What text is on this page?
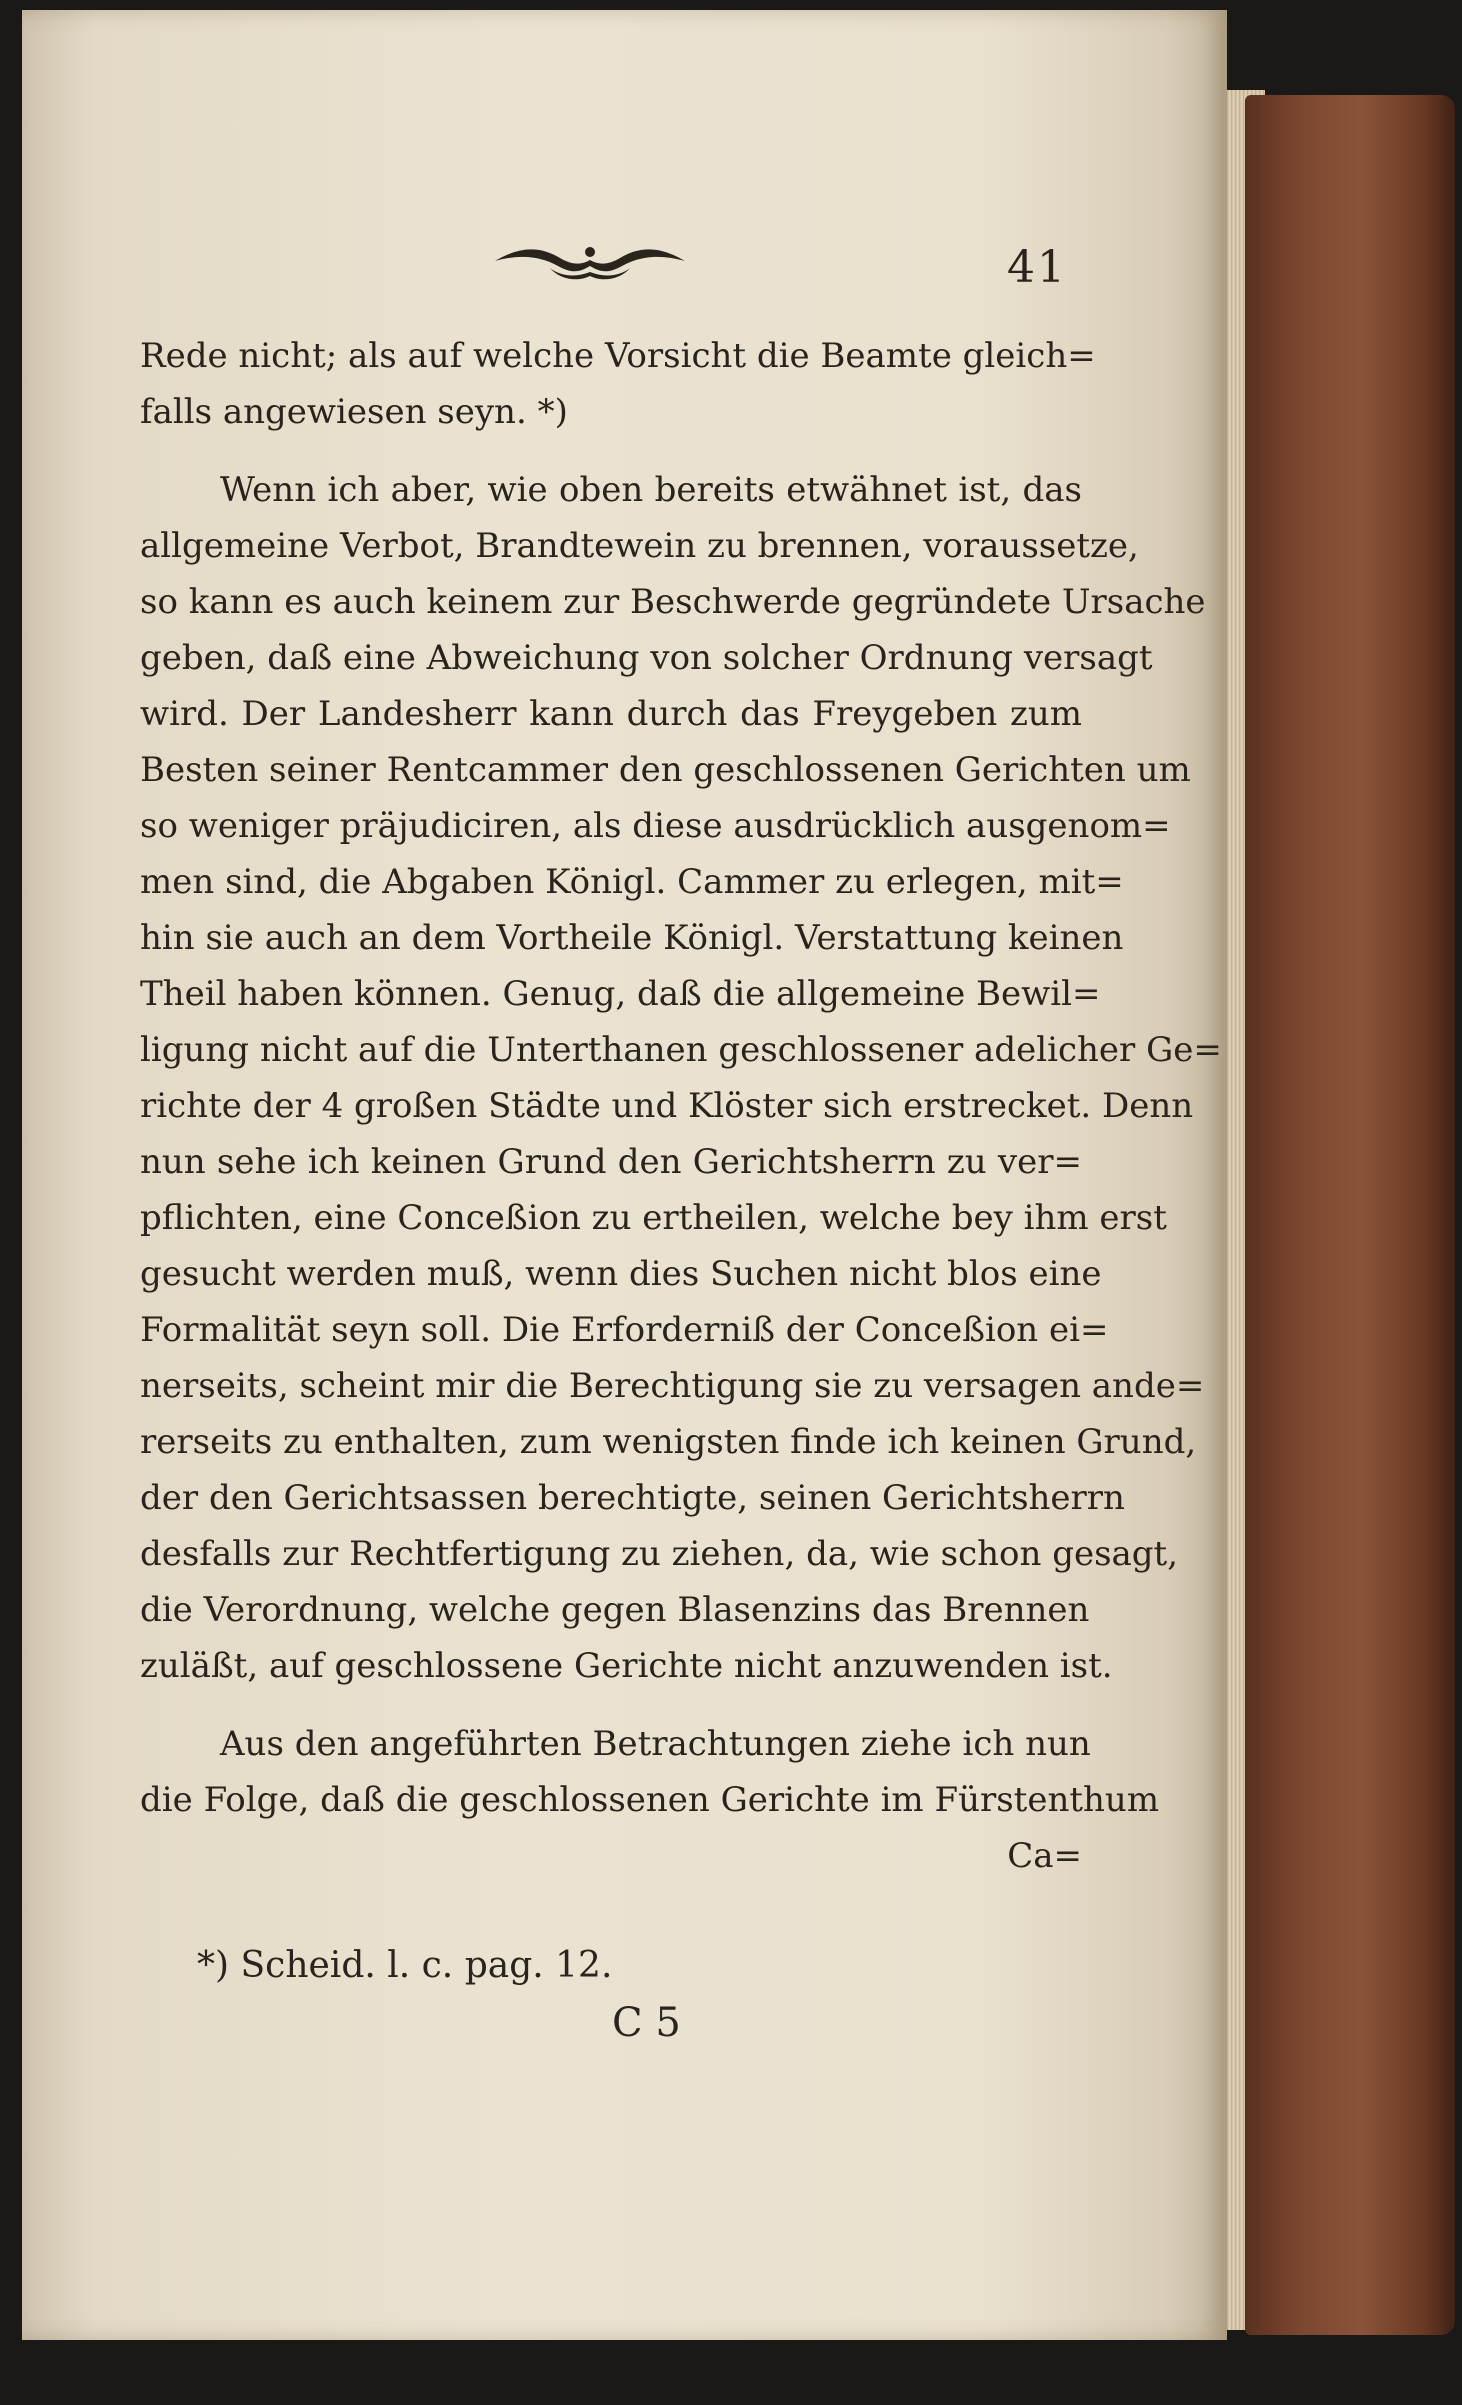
41
Rede nicht; als auf welche Vorsicht die Beamte gleich=
falls angewiesen seyn. *)
Wenn ich aber, wie oben bereits etwähnet ist, das
allgemeine Verbot, Brandtewein zu brennen, voraussetze,
so kann es auch keinem zur Beschwerde gegründete Ursache
geben, daß eine Abweichung von solcher Ordnung versagt
wird. Der Landesherr kann durch das Freygeben zum
Besten seiner Rentcammer den geschlossenen Gerichten um
so weniger präjudiciren, als diese ausdrücklich ausgenom=
men sind, die Abgaben Königl. Cammer zu erlegen, mit=
hin sie auch an dem Vortheile Königl. Verstattung keinen
Theil haben können. Genug, daß die allgemeine Bewil=
ligung nicht auf die Unterthanen geschlossener adelicher Ge=
richte der 4 großen Städte und Klöster sich erstrecket. Denn
nun sehe ich keinen Grund den Gerichtsherrn zu ver=
pflichten, eine Conceßion zu ertheilen, welche bey ihm erst
gesucht werden muß, wenn dies Suchen nicht blos eine
Formalität seyn soll. Die Erforderniß der Conceßion ei=
nerseits, scheint mir die Berechtigung sie zu versagen ande=
rerseits zu enthalten, zum wenigsten finde ich keinen Grund,
der den Gerichtsassen berechtigte, seinen Gerichtsherrn
desfalls zur Rechtfertigung zu ziehen, da, wie schon gesagt,
die Verordnung, welche gegen Blasenzins das Brennen
zuläßt, auf geschlossene Gerichte nicht anzuwenden ist.
Aus den angeführten Betrachtungen ziehe ich nun
die Folge, daß die geschlossenen Gerichte im Fürstenthum
Ca=
*) Scheid. l. c. pag. 12.
C 5
